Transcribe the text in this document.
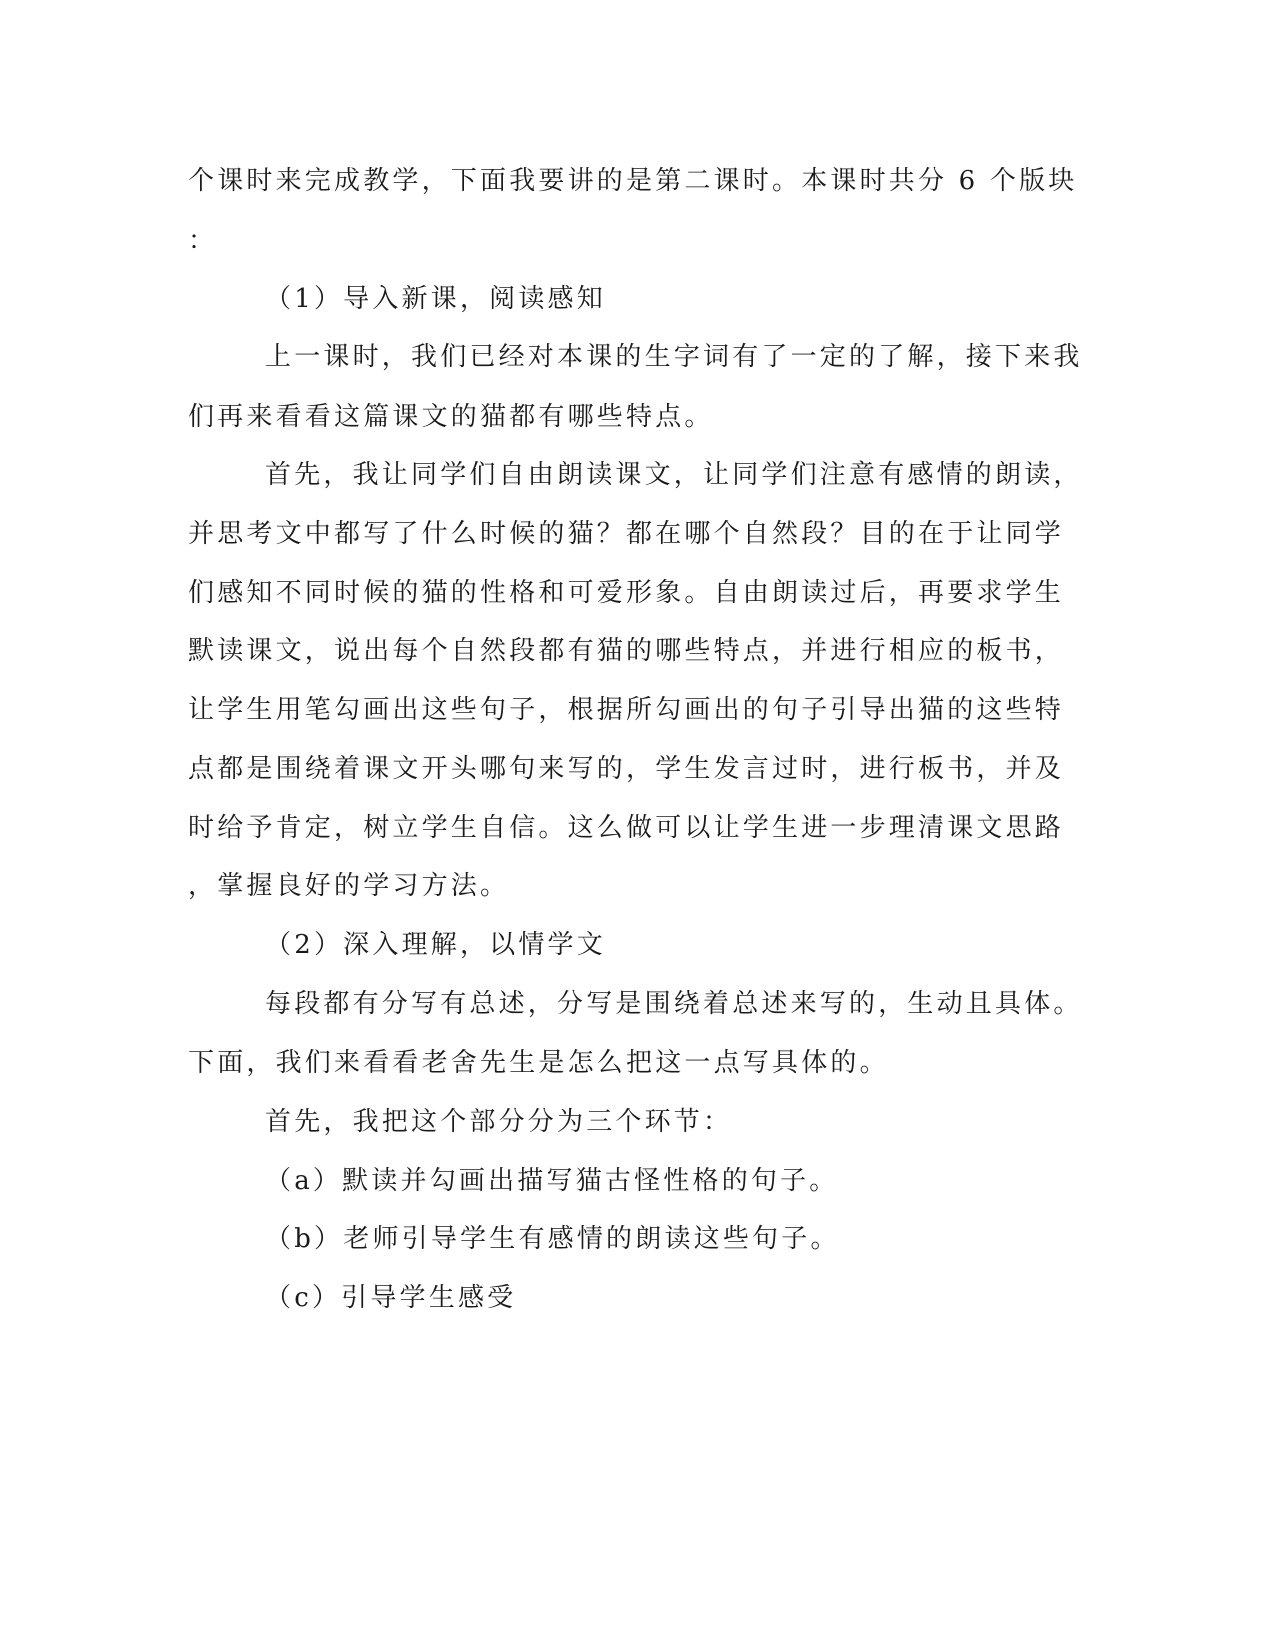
个课时来完成教学，下面我要讲的是第二课时。本课时共分 6 个版块

：

（1）导入新课，阅读感知

上一课时，我们已经对本课的生字词有了一定的了解，接下来我

们再来看看这篇课文的猫都有哪些特点。

首先，我让同学们自由朗读课文，让同学们注意有感情的朗读，

并思考文中都写了什么时候的猫？都在哪个自然段？目的在于让同学

们感知不同时候的猫的性格和可爱形象。自由朗读过后，再要求学生

默读课文，说出每个自然段都有猫的哪些特点，并进行相应的板书，

让学生用笔勾画出这些句子，根据所勾画出的句子引导出猫的这些特

点都是围绕着课文开头哪句来写的，学生发言过时，进行板书，并及

时给予肯定，树立学生自信。这么做可以让学生进一步理清课文思路

，掌握良好的学习方法。

（2）深入理解，以情学文

每段都有分写有总述，分写是围绕着总述来写的，生动且具体。

下面，我们来看看老舍先生是怎么把这一点写具体的。

首先，我把这个部分分为三个环节：

（a）默读并勾画出描写猫古怪性格的句子。

（b）老师引导学生有感情的朗读这些句子。

（c）引导学生感受
